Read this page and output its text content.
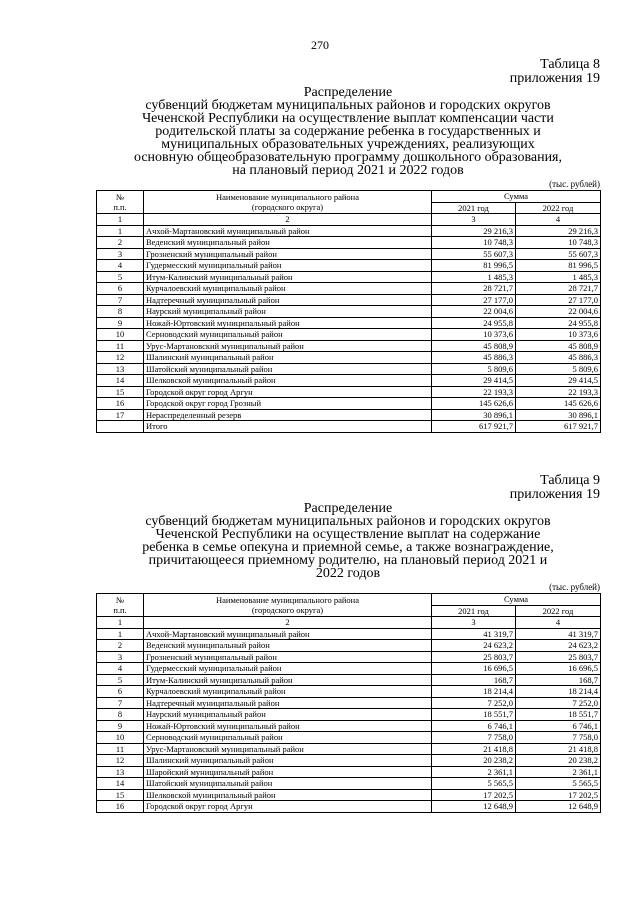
270
Таблица 8
приложения 19
Распределение
субвенций бюджетам муниципальных районов и городских округов
Чеченской Республики на осуществление выплат компенсации части
родительской платы за содержание ребенка в государственных и
муниципальных образовательных учреждениях, реализующих
основную общеобразовательную программу дошкольного образования,
на плановый период 2021 и 2022 годов
(тыс. рублей)
№
п.п.	Наименование муниципального района
(городского округа)	Сумма	
		2021 год	2022 год
1	2	3	4
1	Ачхой-Мартановский муниципальный район	29 216,3	29 216,3
2	Веденский муниципальный район	10 748,3	10 748,3
3	Грозненский муниципальный район	55 607,3	55 607,3
4	Гудермесский муниципальный район	81 996,5	81 996,5
5	Итум-Калинский муниципальный район	1 485,3	1 485,3
6	Курчалоевский муниципальный район	28 721,7	28 721,7
7	Надтеречный муниципальный район	27 177,0	27 177,0
8	Наурский муниципальный район	22 004,6	22 004,6
9	Ножай-Юртовский муниципальный район	24 955,8	24 955,8
10	Серноводский муниципальный район	10 373,6	10 373,6
11	Урус-Мартановский муниципальный район	45 808,9	45 808,9
12	Шалинский муниципальный район	45 886,3	45 886,3
13	Шатойский муниципальный район	5 809,6	5 809,6
14	Шелковской муниципальный район	29 414,5	29 414,5
15	Городской округ город Аргун	22 193,3	22 193,3
16	Городской округ город Грозный	145 626,6	145 626,6
17	Нераспределенный резерв	30 896,1	30 896,1
	Итого	617 921,7	617 921,7
Таблица 9
приложения 19
Распределение
субвенций бюджетам муниципальных районов и городских округов
Чеченской Республики на осуществление выплат на содержание
ребенка в семье опекуна и приемной семье, а также вознаграждение,
причитающееся приемному родителю, на плановый период 2021 и
2022 годов
(тыс. рублей)
№
п.п.	Наименование муниципального района
(городского округа)	Сумма	
		2021 год	2022 год
1	2	3	4
1	Ачхой-Мартановский муниципальный район	41 319,7	41 319,7
2	Веденский муниципальный район	24 623,2	24 623,2
3	Грозненский муниципальный район	25 803,7	25 803,7
4	Гудермесский муниципальный район	16 696,5	16 696,5
5	Итум-Калинский муниципальный район	168,7	168,7
6	Курчалоевский муниципальный район	18 214,4	18 214,4
7	Надтеречный муниципальный район	7 252,0	7 252,0
8	Наурский муниципальный район	18 551,7	18 551,7
9	Ножай-Юртовский муниципальный район	6 746,1	6 746,1
10	Серноводский муниципальный район	7 758,0	7 758,0
11	Урус-Мартановский муниципальный район	21 418,8	21 418,8
12	Шалинский муниципальный район	20 238,2	20 238,2
13	Шаройский муниципальный район	2 361,1	2 361,1
14	Шатойский муниципальный район	5 565,5	5 565,5
15	Шелковской муниципальный район	17 202,5	17 202,5
16	Городской округ город Аргун	12 648,9	12 648,9
